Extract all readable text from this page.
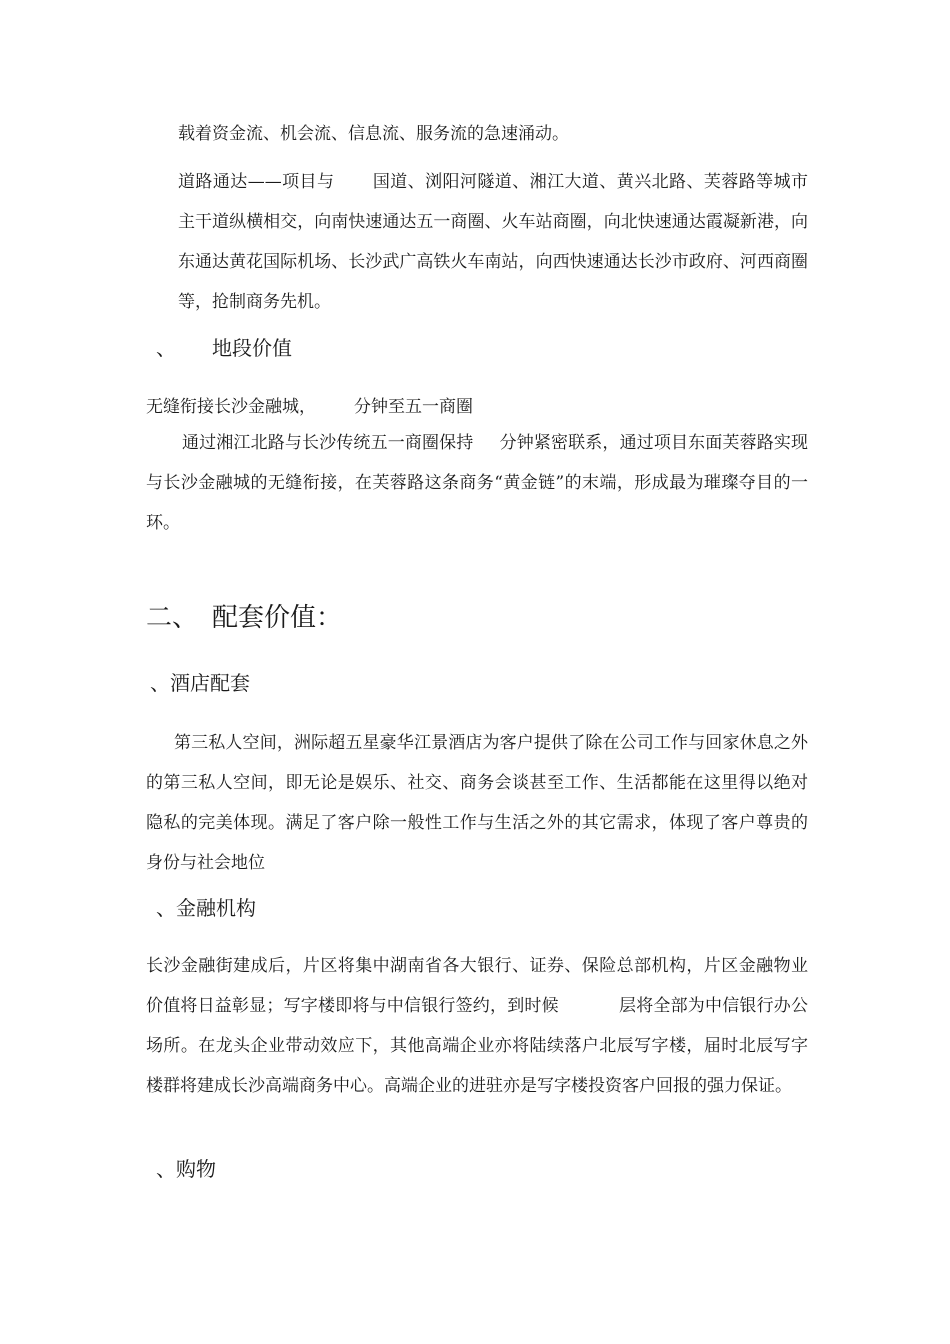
载着资金流、机会流、信息流、服务流的急速涌动。

道路通达——项目与 国道、浏阳河隧道、湘江大道、黄兴北路、芙蓉路等城市主干道纵横相交，向南快速通达五一商圈、火车站商圈，向北快速通达霞凝新港，向东通达黄花国际机场、长沙武广高铁火车南站，向西快速通达长沙市政府、河西商圈等，抢制商务先机。

、 地段价值

无缝衔接长沙金融城， 分钟至五一商圈

通过湘江北路与长沙传统五一商圈保持 分钟紧密联系，通过项目东面芙蓉路实现与长沙金融城的无缝衔接，在芙蓉路这条商务“黄金链”的末端，形成最为璀璨夺目的一环。

二、 配套价值：
、酒店配套

第三私人空间，洲际超五星豪华江景酒店为客户提供了除在公司工作与回家休息之外的第三私人空间，即无论是娱乐、社交、商务会谈甚至工作、生活都能在这里得以绝对隐私的完美体现。满足了客户除一般性工作与生活之外的其它需求，体现了客户尊贵的身份与社会地位

、金融机构

长沙金融街建成后，片区将集中湖南省各大银行、证券、保险总部机构，片区金融物业价值将日益彰显；写字楼即将与中信银行签约，到时候	层将全部为中信银行办公场所。在龙头企业带动效应下，其他高端企业亦将陆续落户北辰写字楼，届时北辰写字楼群将建成长沙高端商务中心。高端企业的进驻亦是写字楼投资客户回报的强力保证。

、购物
